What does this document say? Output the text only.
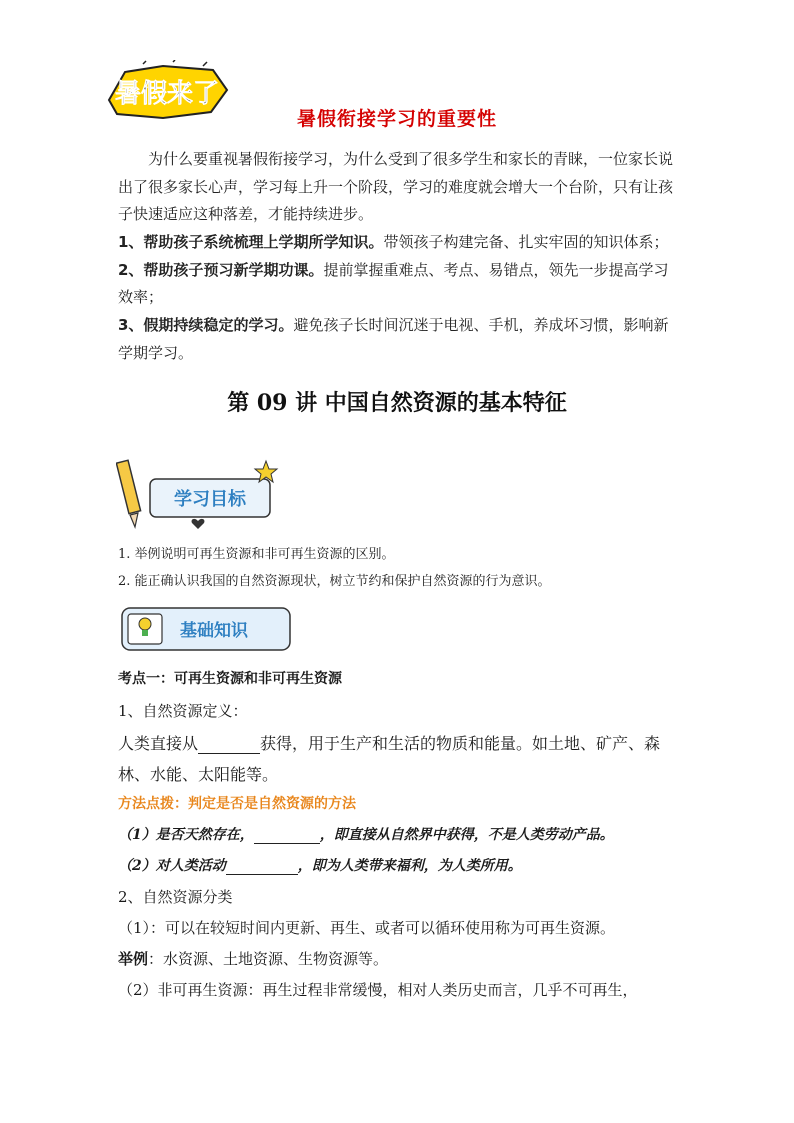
暑假来了
暑假衔接学习的重要性
为什么要重视暑假衔接学习，为什么受到了很多学生和家长的青睐，一位家长说
出了很多家长心声，学习每上升一个阶段，学习的难度就会增大一个台阶，只有让孩
子快速适应这种落差，才能持续进步。
1、帮助孩子系统梳理上学期所学知识。带领孩子构建完备、扎实牢固的知识体系；
2、帮助孩子预习新学期功课。提前掌握重难点、考点、易错点，领先一步提高学习
效率；
3、假期持续稳定的学习。避免孩子长时间沉迷于电视、手机，养成坏习惯，影响新
学期学习。
第 09 讲 中国自然资源的基本特征
学习目标
1. 举例说明可再生资源和非可再生资源的区别。
2. 能正确认识我国的自然资源现状，树立节约和保护自然资源的行为意识。
基础知识
考点一：可再生资源和非可再生资源
1、自然资源定义：
人类直接从	获得，用于生产和生活的物质和能量。如土地、矿产、森
林、水能、太阳能等。
方法点拨：判定是否是自然资源的方法
（1）是否天然存在，	，即直接从自然界中获得，不是人类劳动产品。
（2）对人类活动	，即为人类带来福利，为人类所用。
2、自然资源分类
（1）：可以在较短时间内更新、再生、或者可以循环使用称为可再生资源。
举例：水资源、土地资源、生物资源等。
（2）非可再生资源：再生过程非常缓慢，相对人类历史而言，几乎不可再生，
